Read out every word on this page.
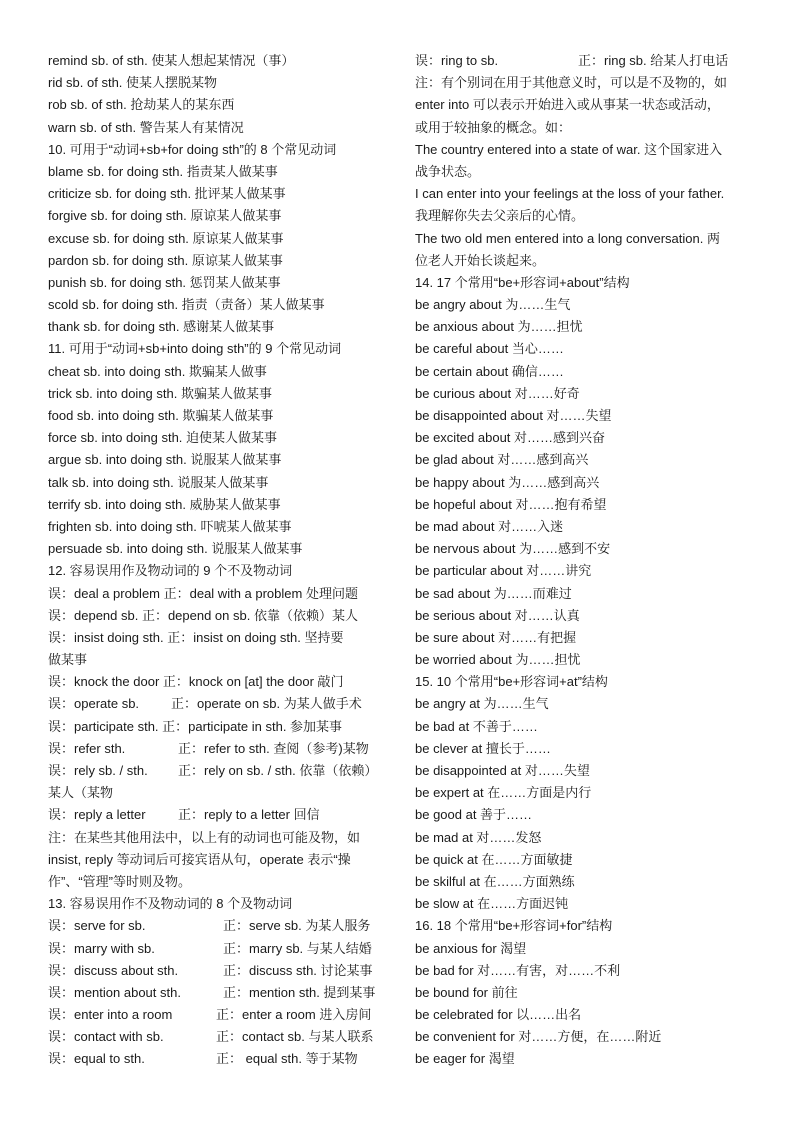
remind sb. of sth. 使某人想起某情况（事）
rid sb. of sth. 使某人摆脱某物
rob sb. of sth. 抢劫某人的某东西
warn sb. of sth. 警告某人有某情况
10. 可用于“动词+sb+for doing sth”的 8 个常见动词
blame sb. for doing sth. 指责某人做某事
criticize sb. for doing sth. 批评某人做某事
forgive sb. for doing sth. 原谅某人做某事
excuse sb. for doing sth. 原谅某人做某事
pardon sb. for doing sth. 原谅某人做某事
punish sb. for doing sth. 惩罚某人做某事
scold sb. for doing sth. 指责（责备）某人做某事
thank sb. for doing sth. 感谢某人做某事
11. 可用于“动词+sb+into doing sth”的 9 个常见动词
cheat sb. into doing sth. 欺骗某人做事
trick sb. into doing sth. 欺骗某人做某事
food sb. into doing sth. 欺骗某人做某事
force sb. into doing sth. 迫使某人做某事
argue sb. into doing sth. 说服某人做某事
talk sb. into doing sth. 说服某人做某事
terrify sb. into doing sth. 威胁某人做某事
frighten sb. into doing sth. 吓唬某人做某事
persuade sb. into doing sth. 说服某人做某事
12. 容易误用作及物动词的 9 个不及物动词
误：deal a problem 正：deal with a problem 处理问题
误：depend sb. 正：depend on sb. 依靠（依赖）某人
误：insist doing sth. 正：insist on doing sth. 坚持要
做某事
误：knock the door 正：knock on [at] the door 敲门
误：operate sb. 正：operate on sb. 为某人做手术
误：participate sth. 正：participate in sth. 参加某事
误：refer sth.	正：refer to sth. 查阅（参考)某物
误：rely sb. / sth. 正：rely on sb. / sth. 依靠（依赖）
某人（某物
误：reply a letter 正：reply to a letter 回信
注：在某些其他用法中，以上有的动词也可能及物，如
insist, reply 等动词后可接宾语从句，operate 表示“操
作”、“管理”等时则及物。
13. 容易误用作不及物动词的 8 个及物动词
误：serve for sb.	正：serve sb. 为某人服务
误：marry with sb.	正：marry sb. 与某人结婚
误：discuss about sth.	正：discuss sth. 讨论某事
误：mention about sth.	正：mention sth. 提到某事
误：enter into a room	正：enter a room 进入房间
误：contact with sb.	正：contact sb. 与某人联系
误：equal to sth.	正： equal sth. 等于某物
误：ring to sb.	正：ring sb. 给某人打电话
注：有个别词在用于其他意义时，可以是不及物的，如
enter into 可以表示开始进入或从事某一状态或活动，
或用于较抽象的概念。如：
The country entered into a state of war. 这个国家进入
战争状态。
I can enter into your feelings at the loss of your father.
我理解你失去父亲后的心情。
The two old men entered into a long conversation. 两
位老人开始长谈起来。
14. 17 个常用“be+形容词+about”结构
be angry about 为……生气
be anxious about 为……担忧
be careful about 当心……
be certain about 确信……
be curious about 对……好奇
be disappointed about 对……失望
be excited about 对……感到兴奋
be glad about 对……感到高兴
be happy about 为……感到高兴
be hopeful about 对……抱有希望
be mad about 对……入迷
be nervous about 为……感到不安
be particular about 对……讲究
be sad about 为……而难过
be serious about 对……认真
be sure about 对……有把握
be worried about 为……担忧
15. 10 个常用“be+形容词+at”结构
be angry at 为……生气
be bad at 不善于……
be clever at 擅长于……
be disappointed at 对……失望
be expert at 在……方面是内行
be good at 善于……
be mad at 对……发怒
be quick at 在……方面敏捷
be skilful at 在……方面熟练
be slow at 在……方面迟钝
16. 18 个常用“be+形容词+for”结构
be anxious for 渴望
be bad for 对……有害，对……不利
be bound for 前往
be celebrated for 以……出名
be convenient for 对……方便，在……附近
be eager for 渴望
